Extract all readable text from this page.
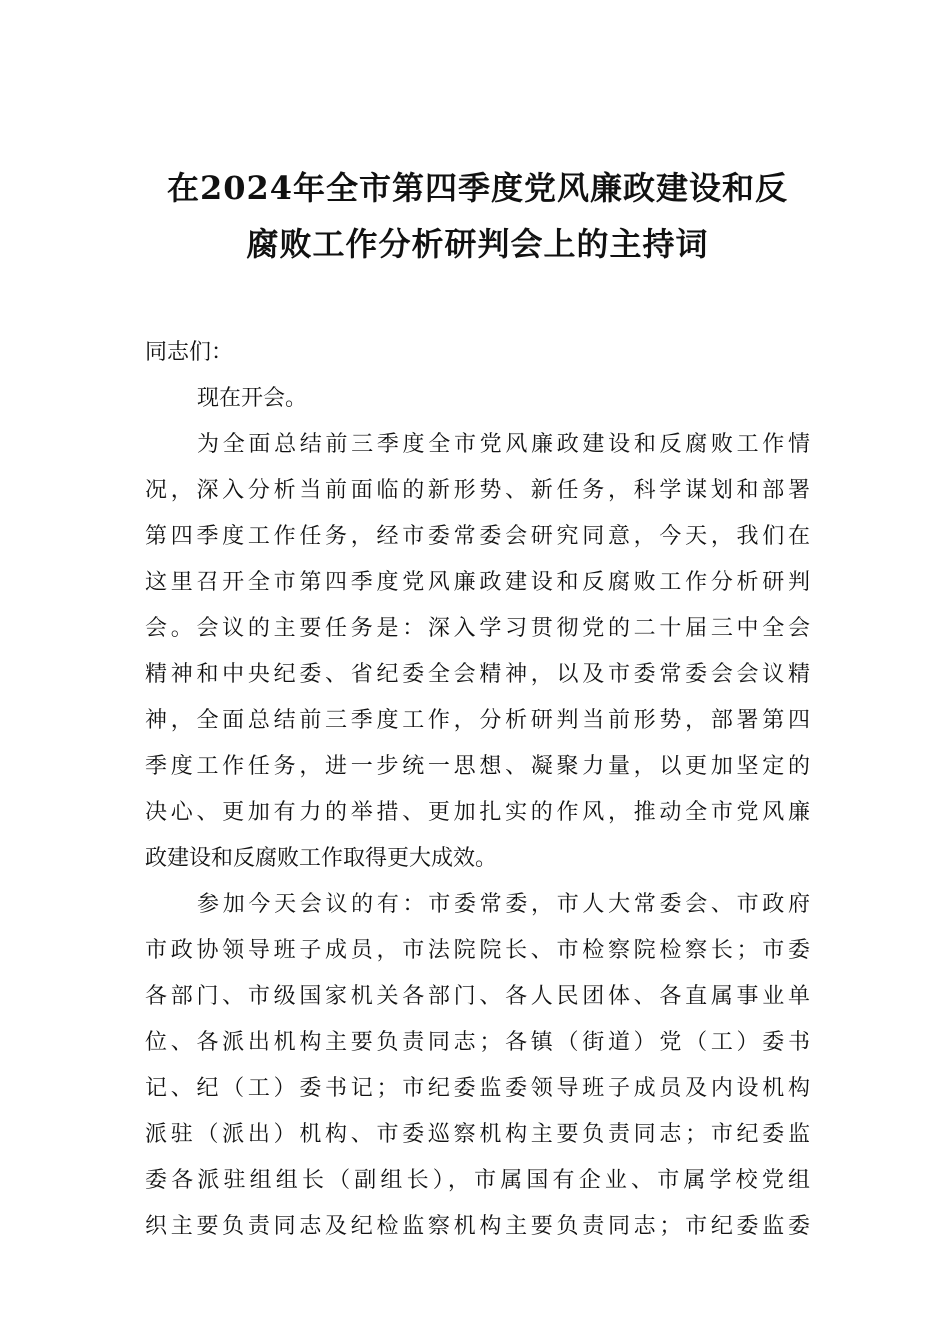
在2024年全市第四季度党风廉政建设和反
腐败工作分析研判会上的主持词
同志们：
现在开会。
为全面总结前三季度全市党风廉政建设和反腐败工作情
况，深入分析当前面临的新形势、新任务，科学谋划和部署
第四季度工作任务，经市委常委会研究同意，今天，我们在
这里召开全市第四季度党风廉政建设和反腐败工作分析研判
会。会议的主要任务是：深入学习贯彻党的二十届三中全会
精神和中央纪委、省纪委全会精神，以及市委常委会会议精
神，全面总结前三季度工作，分析研判当前形势，部署第四
季度工作任务，进一步统一思想、凝聚力量，以更加坚定的
决心、更加有力的举措、更加扎实的作风，推动全市党风廉
政建设和反腐败工作取得更大成效。
参加今天会议的有：市委常委，市人大常委会、市政府
市政协领导班子成员，市法院院长、市检察院检察长；市委
各部门、市级国家机关各部门、各人民团体、各直属事业单
位、各派出机构主要负责同志；各镇（街道）党（工）委书
记、纪（工）委书记；市纪委监委领导班子成员及内设机构
派驻（派出）机构、市委巡察机构主要负责同志；市纪委监
委各派驻组组长（副组长），市属国有企业、市属学校党组
织主要负责同志及纪检监察机构主要负责同志；市纪委监委
